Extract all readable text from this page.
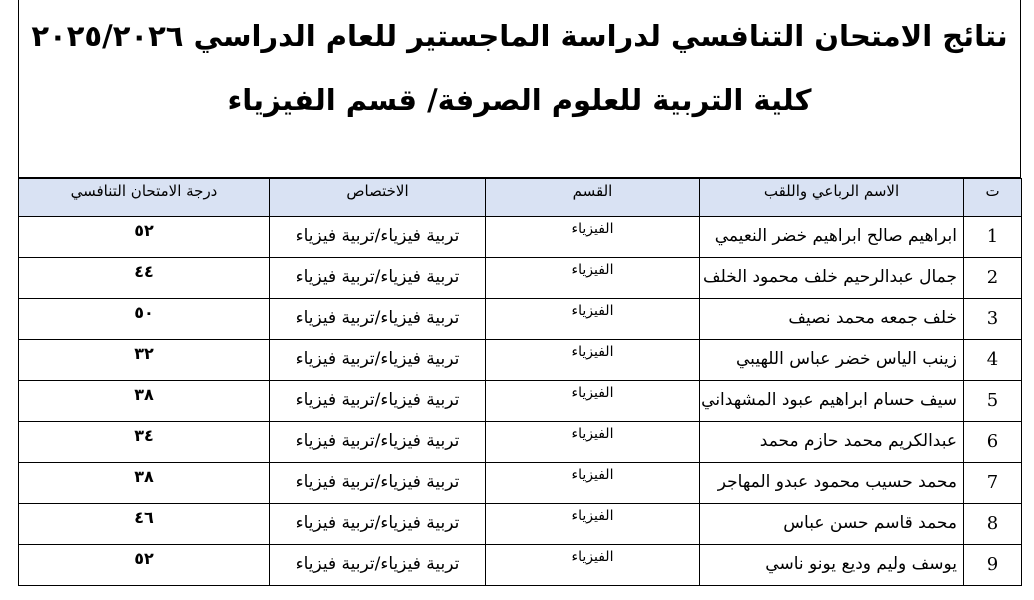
نتائج الامتحان التنافسي لدراسة الماجستير للعام الدراسي ٢٠٢٥/٢٠٢٦
كلية التربية للعلوم الصرفة/ قسم الفيزياء
ت	الاسم الرباعي واللقب	القسم	الاختصاص	درجة الامتحان التنافسي
1	ابراهيم صالح ابراهيم خضر النعيمي	الفيزياء	تربية فيزياء/تربية فيزياء	٥٢
2	جمال عبدالرحيم خلف محمود الخلف	الفيزياء	تربية فيزياء/تربية فيزياء	٤٤
3	خلف جمعه محمد نصيف	الفيزياء	تربية فيزياء/تربية فيزياء	٥٠
4	زينب الياس خضر عباس اللهيبي	الفيزياء	تربية فيزياء/تربية فيزياء	٣٢
5	سيف حسام ابراهيم عبود المشهداني	الفيزياء	تربية فيزياء/تربية فيزياء	٣٨
6	عبدالكريم محمد حازم محمد	الفيزياء	تربية فيزياء/تربية فيزياء	٣٤
7	محمد حسيب محمود عبدو المهاجر	الفيزياء	تربية فيزياء/تربية فيزياء	٣٨
8	محمد قاسم حسن عباس	الفيزياء	تربية فيزياء/تربية فيزياء	٤٦
9	يوسف وليم وديع يونو ناسي	الفيزياء	تربية فيزياء/تربية فيزياء	٥٢
